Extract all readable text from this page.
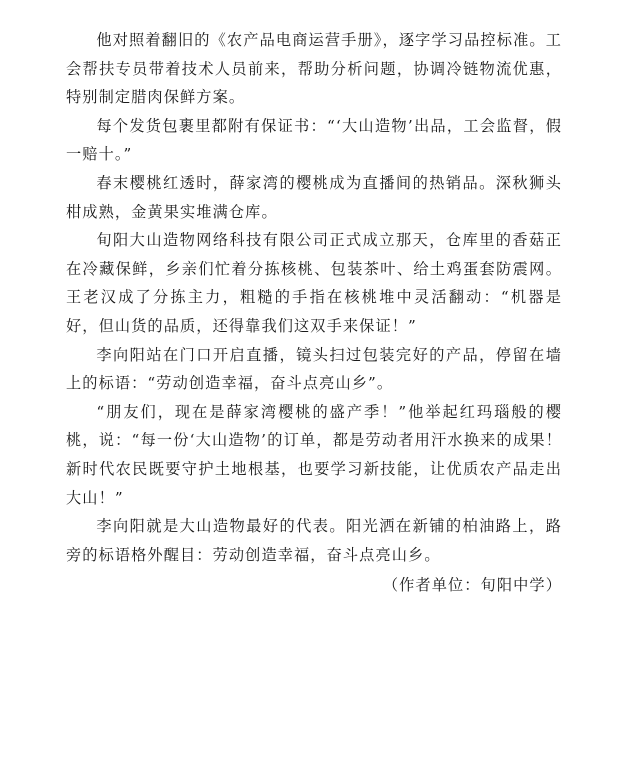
他对照着翻旧的《农产品电商运营手册》，逐字学习品控标准。工会帮扶专员带着技术人员前来，帮助分析问题，协调冷链物流优惠，特别制定腊肉保鲜方案。

每个发货包裹里都附有保证书：“‘大山造物’出品，工会监督，假一赔十。”

春末樱桃红透时，薛家湾的樱桃成为直播间的热销品。深秋狮头柑成熟，金黄果实堆满仓库。

旬阳大山造物网络科技有限公司正式成立那天，仓库里的香菇正在冷藏保鲜，乡亲们忙着分拣核桃、包装茶叶、给土鸡蛋套防震网。王老汉成了分拣主力，粗糙的手指在核桃堆中灵活翻动：“机器是好，但山货的品质，还得靠我们这双手来保证！”

李向阳站在门口开启直播，镜头扫过包装完好的产品，停留在墙上的标语：“劳动创造幸福，奋斗点亮山乡”。

“朋友们，现在是薛家湾樱桃的盛产季！”他举起红玛瑙般的樱桃，说：“每一份‘大山造物’的订单，都是劳动者用汗水换来的成果！新时代农民既要守护土地根基，也要学习新技能，让优质农产品走出大山！”

李向阳就是大山造物最好的代表。阳光洒在新铺的柏油路上，路旁的标语格外醒目：劳动创造幸福，奋斗点亮山乡。

（作者单位：旬阳中学）
